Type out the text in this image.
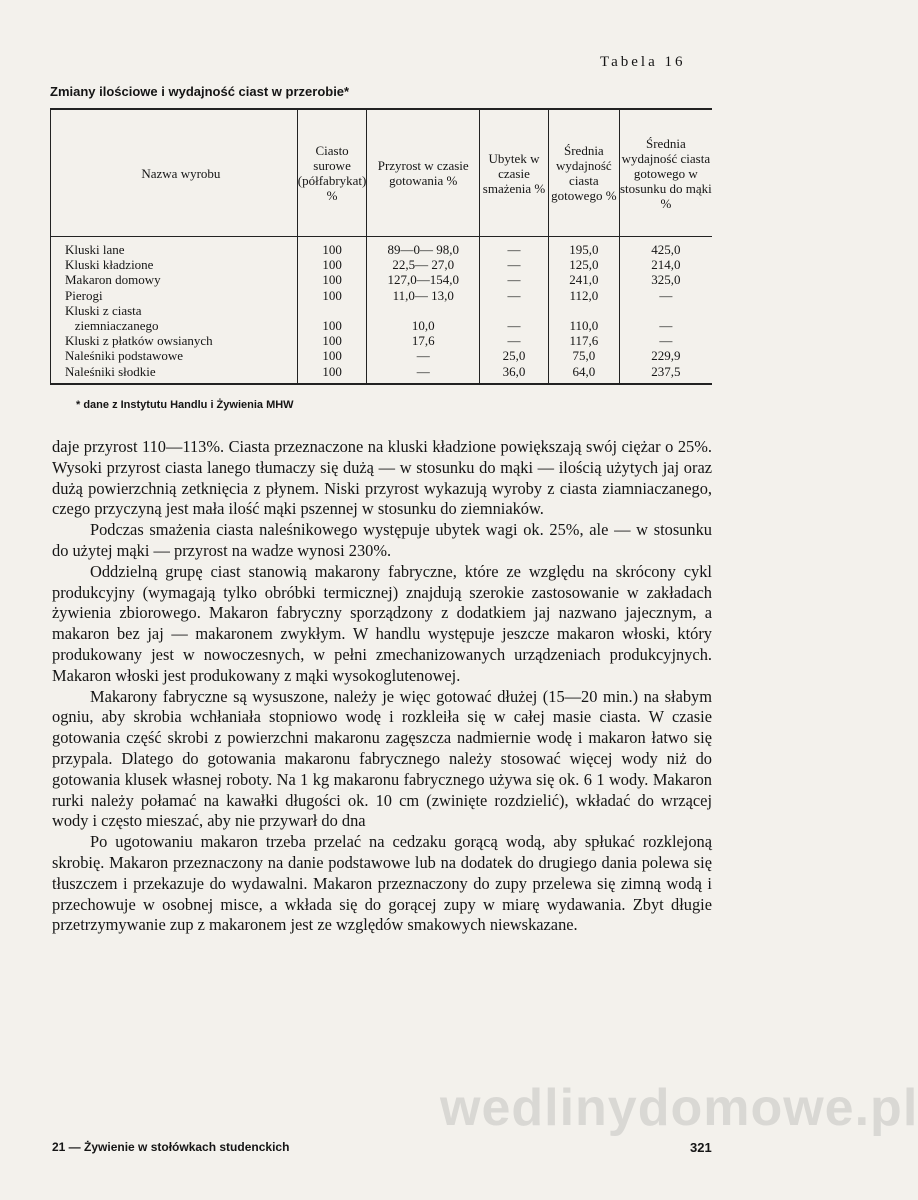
Tabela 16
Zmiany ilościowe i wydajność ciast w przerobie*
Nazwa wyrobu	Ciasto surowe (półfabrykat) %	Przyrost w czasie gotowania %	Ubytek w czasie smażenia %	Średnia wydajność ciasta gotowego %	Średnia wydajność ciasta gotowego w stosunku do mąki %
Kluski lane	100	89—0— 98,0	—	195,0	425,0
Kluski kładzione	100	22,5— 27,0	—	125,0	214,0
Makaron domowy	100	127,0—154,0	—	241,0	325,0
Pierogi	100	11,0— 13,0	—	112,0	—
Kluski z ciasta					
ziemniaczanego	100	10,0	—	110,0	—
Kluski z płatków owsianych	100	17,6	—	117,6	—
Naleśniki podstawowe	100	—	25,0	75,0	229,9
Naleśniki słodkie	100	—	36,0	64,0	237,5
* dane z Instytutu Handlu i Żywienia MHW

daje przyrost 110—113%. Ciasta przeznaczone na kluski kładzione powiększają swój ciężar o 25%. Wysoki przyrost ciasta lanego tłumaczy się dużą — w stosunku do mąki — ilością użytych jaj oraz dużą powierzchnią zetknięcia z płynem. Niski przyrost wykazują wyroby z ciasta ziamniaczanego, czego przyczyną jest mała ilość mąki pszennej w stosunku do ziemniaków.

Podczas smażenia ciasta naleśnikowego występuje ubytek wagi ok. 25%, ale — w stosunku do użytej mąki — przyrost na wadze wynosi 230%.

Oddzielną grupę ciast stanowią makarony fabryczne, które ze względu na skrócony cykl produkcyjny (wymagają tylko obróbki termicznej) znajdują szerokie zastosowanie w zakładach żywienia zbiorowego. Makaron fabryczny sporządzony z dodatkiem jaj nazwano jajecznym, a makaron bez jaj — makaronem zwykłym. W handlu występuje jeszcze makaron włoski, który produkowany jest w nowoczesnych, w pełni zmechanizowanych urządzeniach produkcyjnych. Makaron włoski jest produkowany z mąki wysokoglutenowej.

Makarony fabryczne są wysuszone, należy je więc gotować dłużej (15—20 min.) na słabym ogniu, aby skrobia wchłaniała stopniowo wodę i rozkleiła się w całej masie ciasta. W czasie gotowania część skrobi z powierzchni makaronu zagęszcza nadmiernie wodę i makaron łatwo się przypala. Dlatego do gotowania makaronu fabrycznego należy stosować więcej wody niż do gotowania klusek własnej roboty. Na 1 kg makaronu fabrycznego używa się ok. 6 1 wody. Makaron rurki należy połamać na kawałki długości ok. 10 cm (zwinięte rozdzielić), wkładać do wrzącej wody i często mieszać, aby nie przywarł do dna

Po ugotowaniu makaron trzeba przelać na cedzaku gorącą wodą, aby spłukać rozklejoną skrobię. Makaron przeznaczony na danie podstawowe lub na dodatek do drugiego dania polewa się tłuszczem i przekazuje do wydawalni. Makaron przeznaczony do zupy przelewa się zimną wodą i przechowuje w osobnej misce, a wkłada się do gorącej zupy w miarę wydawania. Zbyt długie przetrzymywanie zup z makaronem jest ze względów smakowych niewskazane.

wedlinydomowe.pl
21 — Żywienie w stołówkach studenckich	321
